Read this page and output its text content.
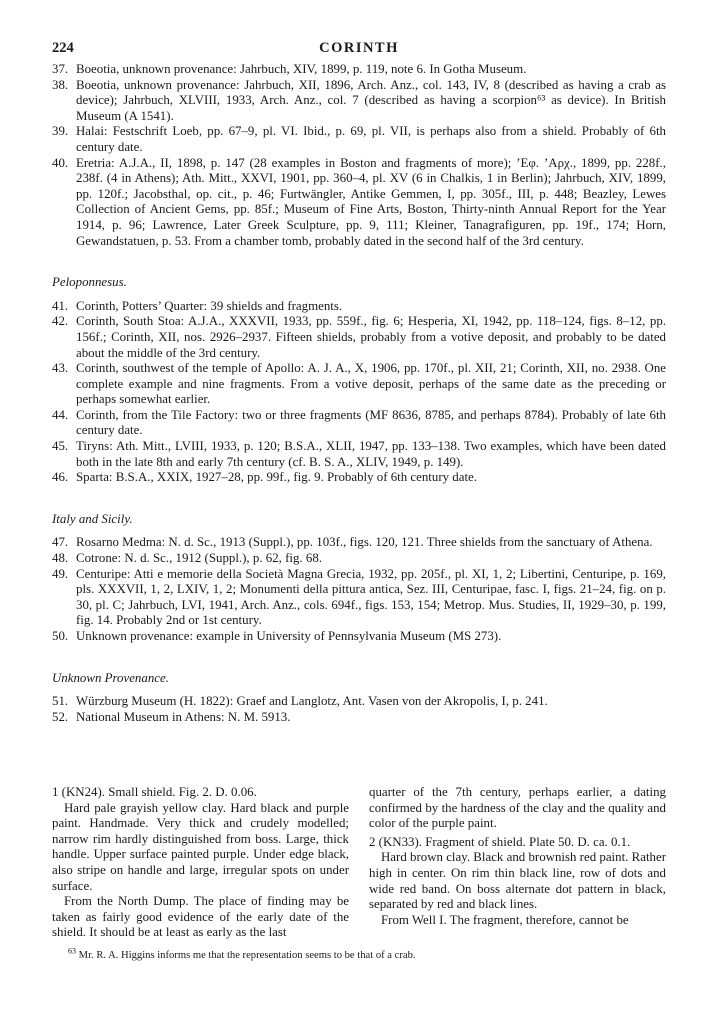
224	CORINTH

37. Boeotia, unknown provenance: Jahrbuch, XIV, 1899, p. 119, note 6. In Gotha Museum.

38. Boeotia, unknown provenance: Jahrbuch, XII, 1896, Arch. Anz., col. 143, IV, 8 (described as having a crab as device); Jahrbuch, XLVIII, 1933, Arch. Anz., col. 7 (described as having a scorpion⁶³ as device). In British Museum (A 1541).

39. Halai: Festschrift Loeb, pp. 67–9, pl. VI. Ibid., p. 69, pl. VII, is perhaps also from a shield. Probably of 6th century date.

40. Eretria: A.J.A., II, 1898, p. 147 (28 examples in Boston and fragments of more); ’Εφ. ’Αρχ., 1899, pp. 228f., 238f. (4 in Athens); Ath. Mitt., XXVI, 1901, pp. 360–4, pl. XV (6 in Chalkis, 1 in Berlin); Jahrbuch, XIV, 1899, pp. 120f.; Jacobsthal, op. cit., p. 46; Furtwängler, Antike Gemmen, I, pp. 305f., III, p. 448; Beazley, Lewes Collection of Ancient Gems, pp. 85f.; Museum of Fine Arts, Boston, Thirty-ninth Annual Report for the Year 1914, p. 96; Lawrence, Later Greek Sculpture, pp. 9, 111; Kleiner, Tanagrafiguren, pp. 19f., 174; Horn, Gewandstatuen, p. 53. From a chamber tomb, probably dated in the second half of the 3rd century.

Peloponnesus.

41. Corinth, Potters’ Quarter: 39 shields and fragments.

42. Corinth, South Stoa: A.J.A., XXXVII, 1933, pp. 559f., fig. 6; Hesperia, XI, 1942, pp. 118–124, figs. 8–12, pp. 156f.; Corinth, XII, nos. 2926–2937. Fifteen shields, probably from a votive deposit, and probably to be dated about the middle of the 3rd century.

43. Corinth, southwest of the temple of Apollo: A. J. A., X, 1906, pp. 170f., pl. XII, 21; Corinth, XII, no. 2938. One complete example and nine fragments. From a votive deposit, perhaps of the same date as the preceding or perhaps somewhat earlier.

44. Corinth, from the Tile Factory: two or three fragments (MF 8636, 8785, and perhaps 8784). Probably of late 6th century date.

45. Tiryns: Ath. Mitt., LVIII, 1933, p. 120; B.S.A., XLII, 1947, pp. 133–138. Two examples, which have been dated both in the late 8th and early 7th century (cf. B. S. A., XLIV, 1949, p. 149).

46. Sparta: B.S.A., XXIX, 1927–28, pp. 99f., fig. 9. Probably of 6th century date.

Italy and Sicily.

47. Rosarno Medma: N. d. Sc., 1913 (Suppl.), pp. 103f., figs. 120, 121. Three shields from the sanctuary of Athena.

48. Cotrone: N. d. Sc., 1912 (Suppl.), p. 62, fig. 68.

49. Centuripe: Atti e memorie della Società Magna Grecia, 1932, pp. 205f., pl. XI, 1, 2; Libertini, Centuripe, p. 169, pls. XXXVII, 1, 2, LXIV, 1, 2; Monumenti della pittura antica, Sez. III, Centuripae, fasc. I, figs. 21–24, fig. on p. 30, pl. C; Jahrbuch, LVI, 1941, Arch. Anz., cols. 694f., figs. 153, 154; Metrop. Mus. Studies, II, 1929–30, p. 199, fig. 14. Probably 2nd or 1st century.

50. Unknown provenance: example in University of Pennsylvania Museum (MS 273).

Unknown Provenance.

51. Würzburg Museum (H. 1822): Graef and Langlotz, Ant. Vasen von der Akropolis, I, p. 241.

52. National Museum in Athens: N. M. 5913.

1 (KN24). Small shield. Fig. 2. D. 0.06.

Hard pale grayish yellow clay. Hard black and purple paint. Handmade. Very thick and crudely modelled; narrow rim hardly distinguished from boss. Large, thick handle. Upper surface painted purple. Under edge black, also stripe on handle and large, irregular spots on under surface.

From the North Dump. The place of finding may be taken as fairly good evidence of the early date of the shield. It should be at least as early as the last

quarter of the 7th century, perhaps earlier, a dating confirmed by the hardness of the clay and the quality and color of the purple paint.

2 (KN33). Fragment of shield. Plate 50. D. ca. 0.1.

Hard brown clay. Black and brownish red paint. Rather high in center. On rim thin black line, row of dots and wide red band. On boss alternate dot pattern in black, separated by red and black lines.

From Well I. The fragment, therefore, cannot be

$^{63}$ Mr. R. A. Higgins informs me that the representation seems to be that of a crab.
